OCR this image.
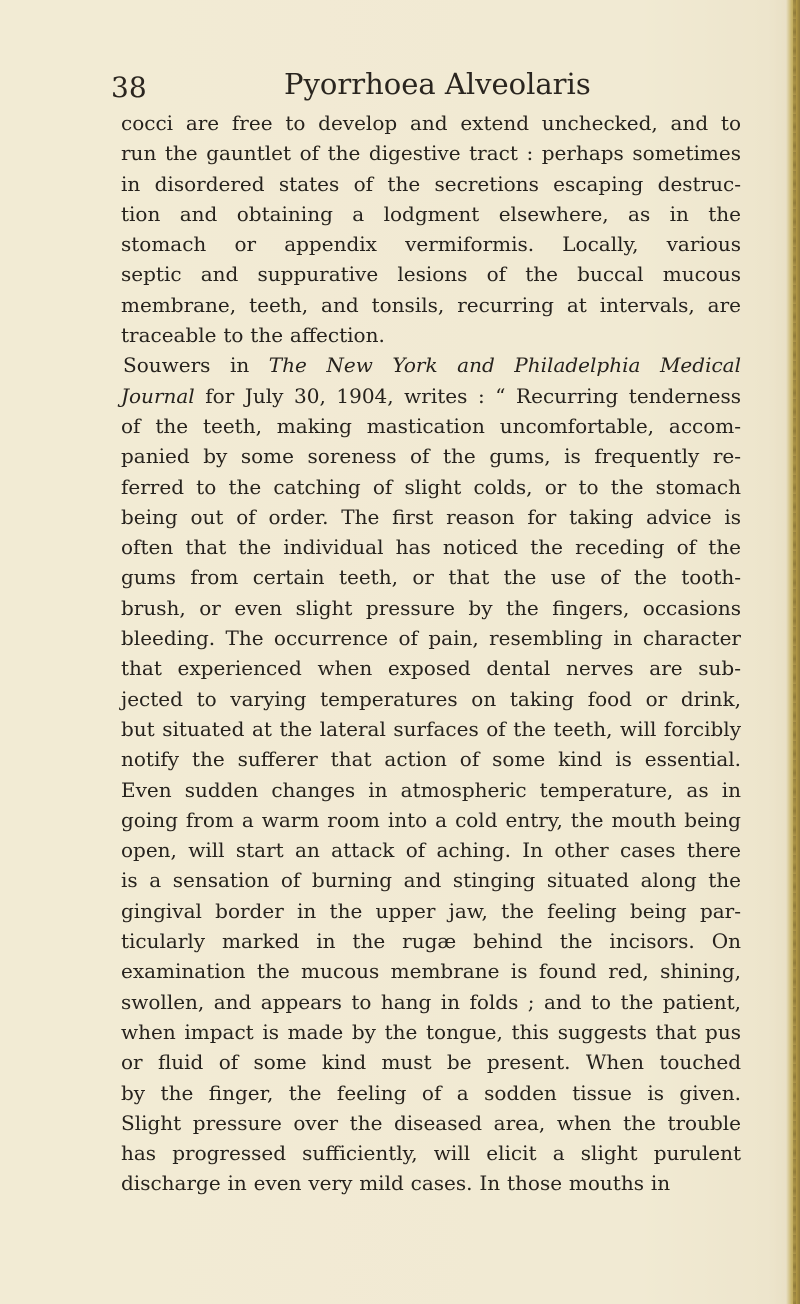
38	Pyorrhoea Alveolaris
cocci are free to develop and extend unchecked, and to
run the gauntlet of the digestive tract : perhaps sometimes
in disordered states of the secretions escaping destruc-
tion and obtaining a lodgment elsewhere, as in the
stomach or appendix vermiformis. Locally, various
septic and suppurative lesions of the buccal mucous
membrane, teeth, and tonsils, recurring at intervals, are
traceable to the affection.
Souwers in The New York and Philadelphia Medical
Journal for July 30, 1904, writes : “ Recurring tenderness
of the teeth, making mastication uncomfortable, accom-
panied by some soreness of the gums, is frequently re-
ferred to the catching of slight colds, or to the stomach
being out of order. The first reason for taking advice is
often that the individual has noticed the receding of the
gums from certain teeth, or that the use of the tooth-
brush, or even slight pressure by the fingers, occasions
bleeding. The occurrence of pain, resembling in character
that experienced when exposed dental nerves are sub-
jected to varying temperatures on taking food or drink,
but situated at the lateral surfaces of the teeth, will forcibly
notify the sufferer that action of some kind is essential.
Even sudden changes in atmospheric temperature, as in
going from a warm room into a cold entry, the mouth being
open, will start an attack of aching. In other cases there
is a sensation of burning and stinging situated along the
gingival border in the upper jaw, the feeling being par-
ticularly marked in the rugæ behind the incisors. On
examination the mucous membrane is found red, shining,
swollen, and appears to hang in folds ; and to the patient,
when impact is made by the tongue, this suggests that pus
or fluid of some kind must be present. When touched
by the finger, the feeling of a sodden tissue is given.
Slight pressure over the diseased area, when the trouble
has progressed sufficiently, will elicit a slight purulent
discharge in even very mild cases. In those mouths in
